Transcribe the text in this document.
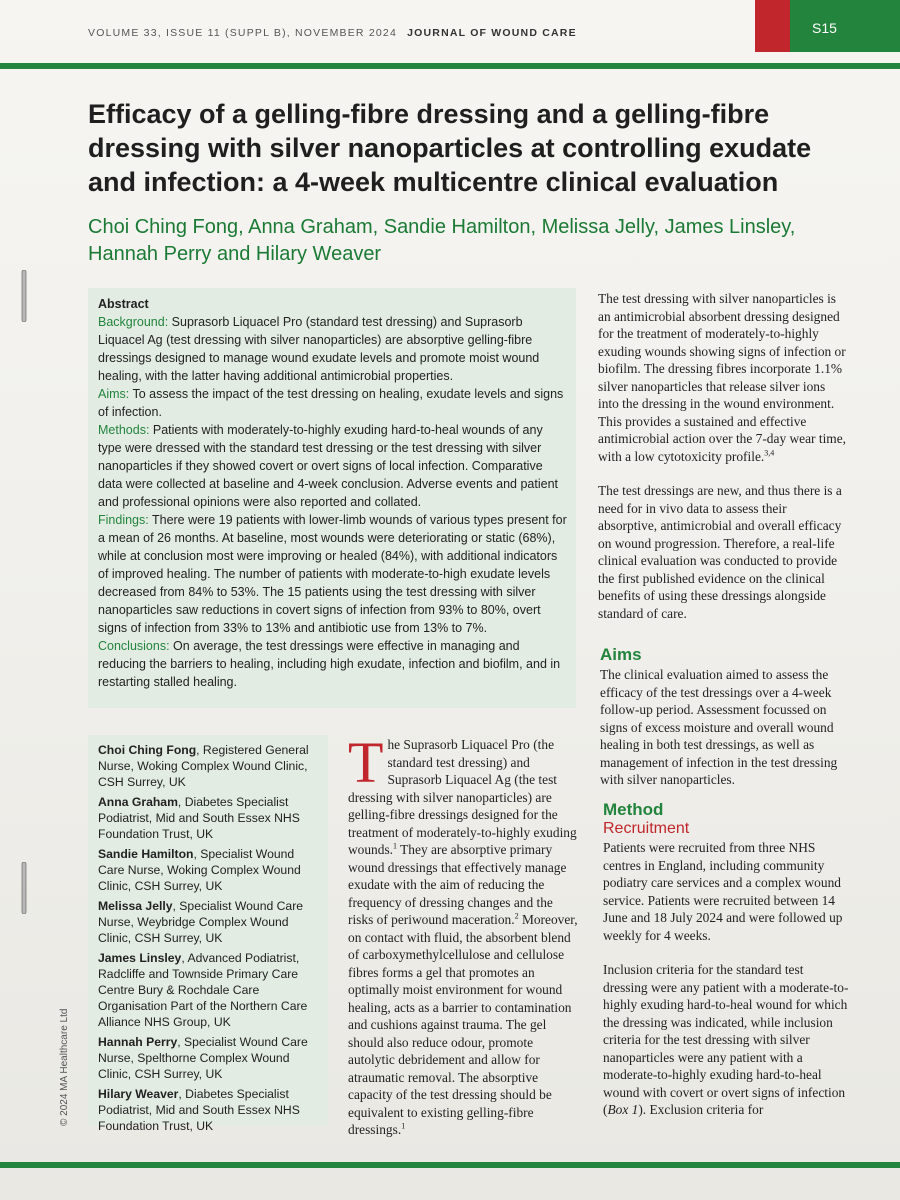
VOLUME 33, ISSUE 11 (SUPPL B), NOVEMBER 2024 JOURNAL OF WOUND CARE	S15
Efficacy of a gelling-fibre dressing and a gelling-fibre dressing with silver nanoparticles at controlling exudate and infection: a 4-week multicentre clinical evaluation
Choi Ching Fong, Anna Graham, Sandie Hamilton, Melissa Jelly, James Linsley, Hannah Perry and Hilary Weaver
Abstract

Background: Suprasorb Liquacel Pro (standard test dressing) and Suprasorb Liquacel Ag (test dressing with silver nanoparticles) are absorptive gelling-fibre dressings designed to manage wound exudate levels and promote moist wound healing, with the latter having additional antimicrobial properties.

Aims: To assess the impact of the test dressing on healing, exudate levels and signs of infection.

Methods: Patients with moderately-to-highly exuding hard-to-heal wounds of any type were dressed with the standard test dressing or the test dressing with silver nanoparticles if they showed covert or overt signs of local infection. Comparative data were collected at baseline and 4-week conclusion. Adverse events and patient and professional opinions were also reported and collated.

Findings: There were 19 patients with lower-limb wounds of various types present for a mean of 26 months. At baseline, most wounds were deteriorating or static (68%), while at conclusion most were improving or healed (84%), with additional indicators of improved healing. The number of patients with moderate-to-high exudate levels decreased from 84% to 53%. The 15 patients using the test dressing with silver nanoparticles saw reductions in covert signs of infection from 93% to 80%, overt signs of infection from 33% to 13% and antibiotic use from 13% to 7%.

Conclusions: On average, the test dressings were effective in managing and reducing the barriers to healing, including high exudate, infection and biofilm, and in restarting stalled healing.

Choi Ching Fong, Registered General Nurse, Woking Complex Wound Clinic, CSH Surrey, UK
Anna Graham, Diabetes Specialist Podiatrist, Mid and South Essex NHS Foundation Trust, UK
Sandie Hamilton, Specialist Wound Care Nurse, Woking Complex Wound Clinic, CSH Surrey, UK
Melissa Jelly, Specialist Wound Care Nurse, Weybridge Complex Wound Clinic, CSH Surrey, UK
James Linsley, Advanced Podiatrist, Radcliffe and Townside Primary Care Centre Bury & Rochdale Care Organisation Part of the Northern Care Alliance NHS Group, UK
Hannah Perry, Specialist Wound Care Nurse, Spelthorne Complex Wound Clinic, CSH Surrey, UK
Hilary Weaver, Diabetes Specialist Podiatrist, Mid and South Essex NHS Foundation Trust, UK
© 2024 MA Healthcare Ltd
The Suprasorb Liquacel Pro (the standard test dressing) and Suprasorb Liquacel Ag (the test dressing with silver nanoparticles) are gelling-fibre dressings designed for the treatment of moderately-to-highly exuding wounds.$^1$ They are absorptive primary wound dressings that effectively manage exudate with the aim of reducing the frequency of dressing changes and the risks of periwound maceration.$^2$ Moreover, on contact with fluid, the absorbent blend of carboxymethylcellulose and cellulose fibres forms a gel that promotes an optimally moist environment for wound healing, acts as a barrier to contamination and cushions against trauma. The gel should also reduce odour, promote autolytic debridement and allow for atraumatic removal. The absorptive capacity of the test dressing should be equivalent to existing gelling-fibre dressings.$^1$

The test dressing with silver nanoparticles is an antimicrobial absorbent dressing designed for the treatment of moderately-to-highly exuding wounds showing signs of infection or biofilm. The dressing fibres incorporate 1.1% silver nanoparticles that release silver ions into the dressing in the wound environment. This provides a sustained and effective antimicrobial action over the 7-day wear time, with a low cytotoxicity profile.$^{3,4}$

The test dressings are new, and thus there is a need for in vivo data to assess their absorptive, antimicrobial and overall efficacy on wound progression. Therefore, a real-life clinical evaluation was conducted to provide the first published evidence on the clinical benefits of using these dressings alongside standard of care.

Aims
The clinical evaluation aimed to assess the efficacy of the test dressings over a 4-week follow-up period. Assessment focussed on signs of excess moisture and overall wound healing in both test dressings, as well as management of infection in the test dressing with silver nanoparticles.
Method
Recruitment

Patients were recruited from three NHS centres in England, including community podiatry care services and a complex wound service. Patients were recruited between 14 June and 18 July 2024 and were followed up weekly for 4 weeks.

Inclusion criteria for the standard test dressing were any patient with a moderate-to-highly exuding hard-to-heal wound for which the dressing was indicated, while inclusion criteria for the test dressing with silver nanoparticles were any patient with a moderate-to-highly exuding hard-to-heal wound with covert or overt signs of infection (Box 1). Exclusion criteria for
